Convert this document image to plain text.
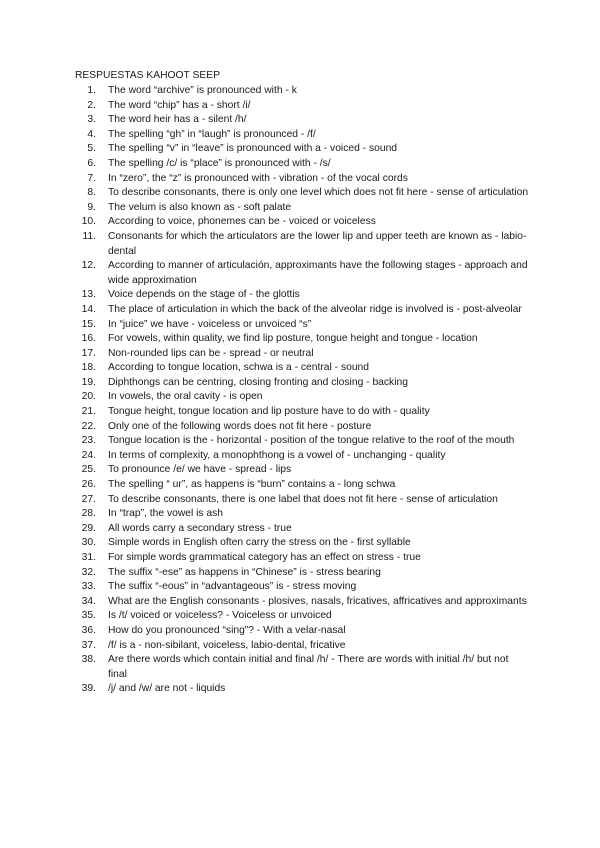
RESPUESTAS KAHOOT SEEP
1. The word “archive” is pronounced with - k
2. The word “chip” has a - short /i/
3. The word heir has a - silent /h/
4. The spelling “gh” in “laugh” is pronounced - /f/
5. The spelling “v” in “leave” is pronounced with a - voiced - sound
6. The spelling /c/ is “place” is pronounced with - /s/
7. In “zero”, the “z” is pronounced with - vibration - of the vocal cords
8. To describe consonants, there is only one level which does not fit here - sense of articulation
9. The velum is also known as - soft palate
10. According to voice, phonemes can be - voiced or voiceless
11. Consonants for which the articulators are the lower lip and upper teeth are known as - labio-dental
12. According to manner of articulación, approximants have the following stages - approach and wide approximation
13. Voice depends on the stage of - the glottis
14. The place of articulation in which the back of the alveolar ridge is involved is - post-alveolar
15. In “juice” we have - voiceless or unvoiced “s”
16. For vowels, within quality, we find lip posture, tongue height and tongue - location
17. Non-rounded lips can be - spread - or neutral
18. According to tongue location, schwa is a - central - sound
19. Diphthongs can be centring, closing fronting and closing - backing
20. In vowels, the oral cavity - is open
21. Tongue height, tongue location and lip posture have to do with - quality
22. Only one of the following words does not fit here - posture
23. Tongue location is the - horizontal - position of the tongue relative to the roof of the mouth
24. In terms of complexity, a monophthong is a vowel of - unchanging - quality
25. To pronounce /e/ we have - spread - lips
26. The spelling “ ur”, as happens is “burn” contains a - long schwa
27. To describe consonants, there is one label that does not fit here - sense of articulation
28. In “trap”, the vowel is ash
29. All words carry a secondary stress - true
30. Simple words in English often carry the stress on the - first syllable
31. For simple words grammatical category has an effect on stress - true
32. The suffix “-ese” as happens in “Chinese” is - stress bearing
33. The suffix “-eous” in “advantageous” is - stress moving
34. What are the English consonants - plosives, nasals, fricatives, affricatives and approximants
35. Is /t/ voiced or voiceless? - Voiceless or unvoiced
36. How do you pronounced “sing”? - With a velar-nasal
37. /f/ is a - non-sibilant, voiceless, labio-dental, fricative
38. Are there words which contain initial and final /h/ - There are words with initial /h/ but not final
39. /j/ and /w/ are not - liquids
